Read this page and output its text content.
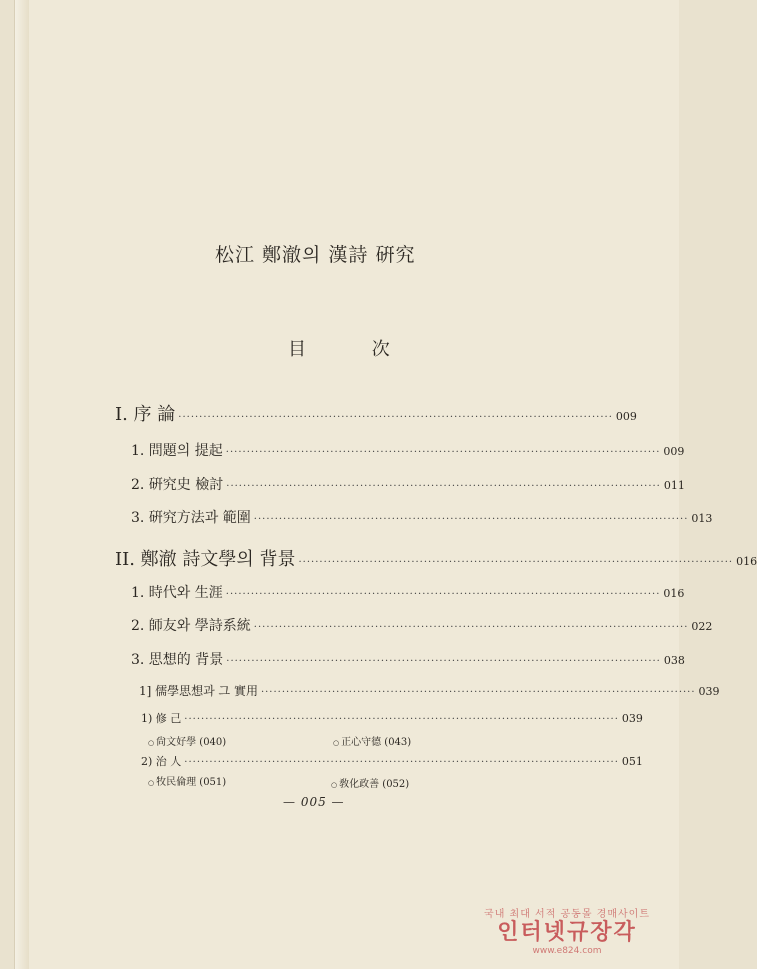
松江 鄭澈의 漢詩 硏究
目 次
I. 序 論 ········································································································ 009
1. 問題의 提起 ········································································································ 009
2. 硏究史 檢討 ········································································································ 011
3. 硏究方法과 範圍 ········································································································ 013
II. 鄭澈 詩文學의 背景 ········································································································ 016
1. 時代와 生涯 ········································································································ 016
2. 師友와 學詩系統 ········································································································ 022
3. 思想的 背景 ········································································································ 038
1] 儒學思想과 그 實用 ········································································································ 039
1) 修 己 ········································································································ 039
○ 尙文好學 (040)	○ 正心守德 (043)
2) 治 人 ········································································································ 051
○ 牧民倫理 (051)	○ 敎化政善 (052)
— 005 —
국내 최대 서적 공동몰 경매사이트
인터넷규장각
www.e824.com
